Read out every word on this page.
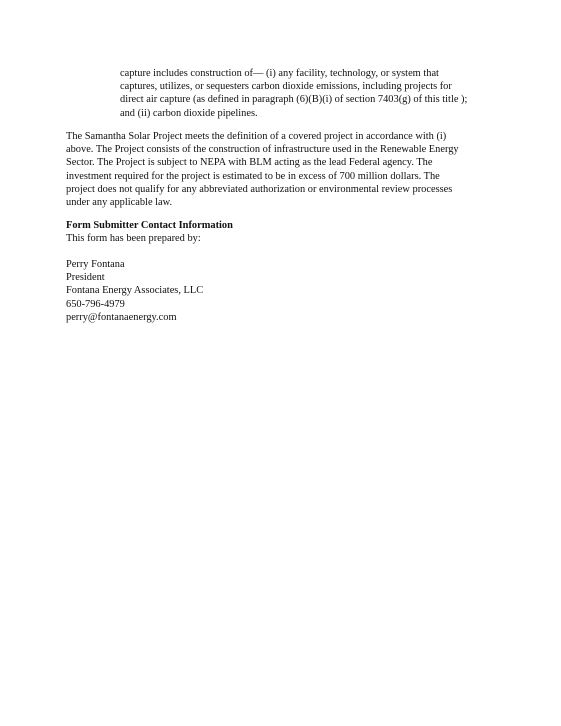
capture includes construction of— (i) any facility, technology, or system that
captures, utilizes, or sequesters carbon dioxide emissions, including projects for
direct air capture (as defined in paragraph (6)(B)(i) of section 7403(g) of this title );
and (ii) carbon dioxide pipelines.
The Samantha Solar Project meets the definition of a covered project in accordance with (i)
above. The Project consists of the construction of infrastructure used in the Renewable Energy
Sector. The Project is subject to NEPA with BLM acting as the lead Federal agency. The
investment required for the project is estimated to be in excess of 700 million dollars. The
project does not qualify for any abbreviated authorization or environmental review processes
under any applicable law.
Form Submitter Contact Information
This form has been prepared by:
Perry Fontana
President
Fontana Energy Associates, LLC
650-796-4979
perry@fontanaenergy.com
